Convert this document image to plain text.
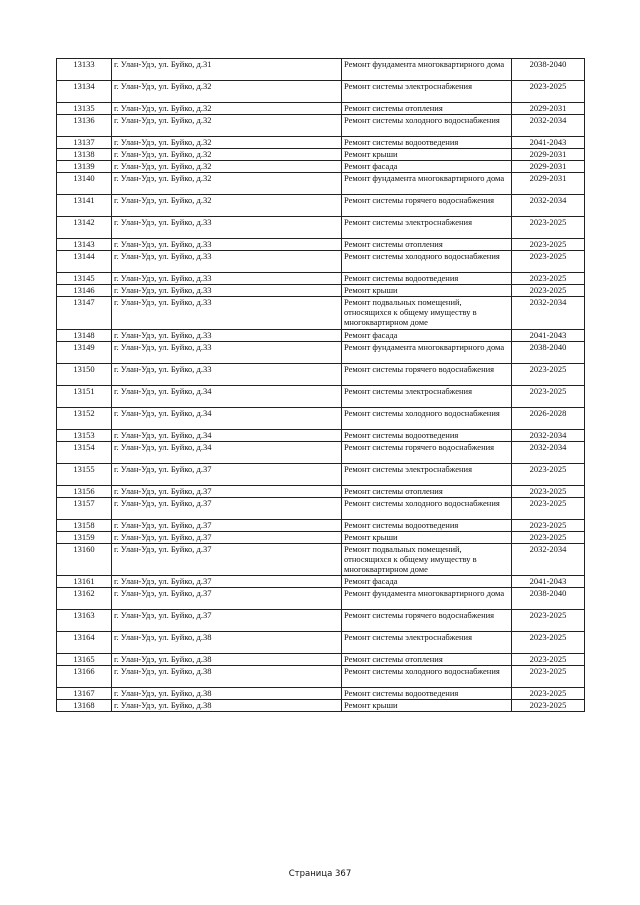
13133	г. Улан-Удэ, ул. Буйко, д.31	Ремонт фундамента многоквартирного дома	2038-2040
13134	г. Улан-Удэ, ул. Буйко, д.32	Ремонт системы электроснабжения	2023-2025
13135	г. Улан-Удэ, ул. Буйко, д.32	Ремонт системы отопления	2029-2031
13136	г. Улан-Удэ, ул. Буйко, д.32	Ремонт системы холодного водоснабжения	2032-2034
13137	г. Улан-Удэ, ул. Буйко, д.32	Ремонт системы водоотведения	2041-2043
13138	г. Улан-Удэ, ул. Буйко, д.32	Ремонт крыши	2029-2031
13139	г. Улан-Удэ, ул. Буйко, д.32	Ремонт фасада	2029-2031
13140	г. Улан-Удэ, ул. Буйко, д.32	Ремонт фундамента многоквартирного дома	2029-2031
13141	г. Улан-Удэ, ул. Буйко, д.32	Ремонт системы горячего водоснабжения	2032-2034
13142	г. Улан-Удэ, ул. Буйко, д.33	Ремонт системы электроснабжения	2023-2025
13143	г. Улан-Удэ, ул. Буйко, д.33	Ремонт системы отопления	2023-2025
13144	г. Улан-Удэ, ул. Буйко, д.33	Ремонт системы холодного водоснабжения	2023-2025
13145	г. Улан-Удэ, ул. Буйко, д.33	Ремонт системы водоотведения	2023-2025
13146	г. Улан-Удэ, ул. Буйко, д.33	Ремонт крыши	2023-2025
13147	г. Улан-Удэ, ул. Буйко, д.33	Ремонт подвальных помещений, относящихся к общему имуществу в многоквартирном доме	2032-2034
13148	г. Улан-Удэ, ул. Буйко, д.33	Ремонт фасада	2041-2043
13149	г. Улан-Удэ, ул. Буйко, д.33	Ремонт фундамента многоквартирного дома	2038-2040
13150	г. Улан-Удэ, ул. Буйко, д.33	Ремонт системы горячего водоснабжения	2023-2025
13151	г. Улан-Удэ, ул. Буйко, д.34	Ремонт системы электроснабжения	2023-2025
13152	г. Улан-Удэ, ул. Буйко, д.34	Ремонт системы холодного водоснабжения	2026-2028
13153	г. Улан-Удэ, ул. Буйко, д.34	Ремонт системы водоотведения	2032-2034
13154	г. Улан-Удэ, ул. Буйко, д.34	Ремонт системы горячего водоснабжения	2032-2034
13155	г. Улан-Удэ, ул. Буйко, д.37	Ремонт системы электроснабжения	2023-2025
13156	г. Улан-Удэ, ул. Буйко, д.37	Ремонт системы отопления	2023-2025
13157	г. Улан-Удэ, ул. Буйко, д.37	Ремонт системы холодного водоснабжения	2023-2025
13158	г. Улан-Удэ, ул. Буйко, д.37	Ремонт системы водоотведения	2023-2025
13159	г. Улан-Удэ, ул. Буйко, д.37	Ремонт крыши	2023-2025
13160	г. Улан-Удэ, ул. Буйко, д.37	Ремонт подвальных помещений, относящихся к общему имуществу в многоквартирном доме	2032-2034
13161	г. Улан-Удэ, ул. Буйко, д.37	Ремонт фасада	2041-2043
13162	г. Улан-Удэ, ул. Буйко, д.37	Ремонт фундамента многоквартирного дома	2038-2040
13163	г. Улан-Удэ, ул. Буйко, д.37	Ремонт системы горячего водоснабжения	2023-2025
13164	г. Улан-Удэ, ул. Буйко, д.38	Ремонт системы электроснабжения	2023-2025
13165	г. Улан-Удэ, ул. Буйко, д.38	Ремонт системы отопления	2023-2025
13166	г. Улан-Удэ, ул. Буйко, д.38	Ремонт системы холодного водоснабжения	2023-2025
13167	г. Улан-Удэ, ул. Буйко, д.38	Ремонт системы водоотведения	2023-2025
13168	г. Улан-Удэ, ул. Буйко, д.38	Ремонт крыши	2023-2025
Страница 367
